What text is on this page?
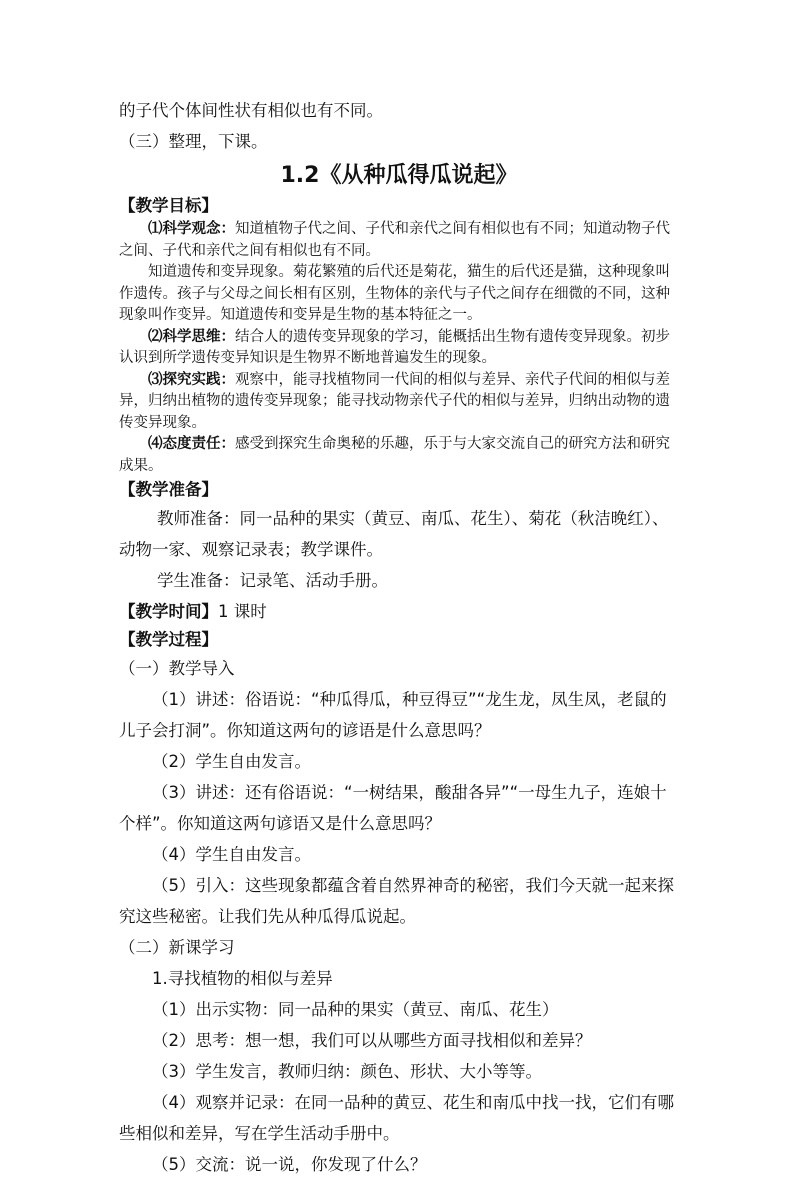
的子代个体间性状有相似也有不同。

（三）整理，下课。

1.2《从种瓜得瓜说起》

【教学目标】

⑴科学观念：知道植物子代之间、子代和亲代之间有相似也有不同；知道动物子代之间、子代和亲代之间有相似也有不同。

知道遗传和变异现象。菊花繁殖的后代还是菊花，猫生的后代还是猫，这种现象叫作遗传。孩子与父母之间长相有区别，生物体的亲代与子代之间存在细微的不同，这种现象叫作变异。知道遗传和变异是生物的基本特征之一。

⑵科学思维：结合人的遗传变异现象的学习，能概括出生物有遗传变异现象。初步认识到所学遗传变异知识是生物界不断地普遍发生的现象。

⑶探究实践：观察中，能寻找植物同一代间的相似与差异、亲代子代间的相似与差异，归纳出植物的遗传变异现象；能寻找动物亲代子代的相似与差异，归纳出动物的遗传变异现象。

⑷态度责任：感受到探究生命奥秘的乐趣，乐于与大家交流自己的研究方法和研究成果。

【教学准备】

教师准备：同一品种的果实（黄豆、南瓜、花生）、菊花（秋洁晚红）、动物一家、观察记录表；教学课件。

学生准备：记录笔、活动手册。

【教学时间】1 课时

【教学过程】

（一）教学导入

（1）讲述：俗语说：“种瓜得瓜，种豆得豆”“龙生龙，凤生凤，老鼠的儿子会打洞”。你知道这两句的谚语是什么意思吗？

（2）学生自由发言。

（3）讲述：还有俗语说：“一树结果，酸甜各异”“一母生九子，连娘十个样”。你知道这两句谚语又是什么意思吗？

（4）学生自由发言。

（5）引入：这些现象都蕴含着自然界神奇的秘密，我们今天就一起来探究这些秘密。让我们先从种瓜得瓜说起。

（二）新课学习

1.寻找植物的相似与差异

（1）出示实物：同一品种的果实（黄豆、南瓜、花生）

（2）思考：想一想，我们可以从哪些方面寻找相似和差异？

（3）学生发言，教师归纳：颜色、形状、大小等等。

（4）观察并记录：在同一品种的黄豆、花生和南瓜中找一找，它们有哪些相似和差异，写在学生活动手册中。

（5）交流：说一说，你发现了什么？
